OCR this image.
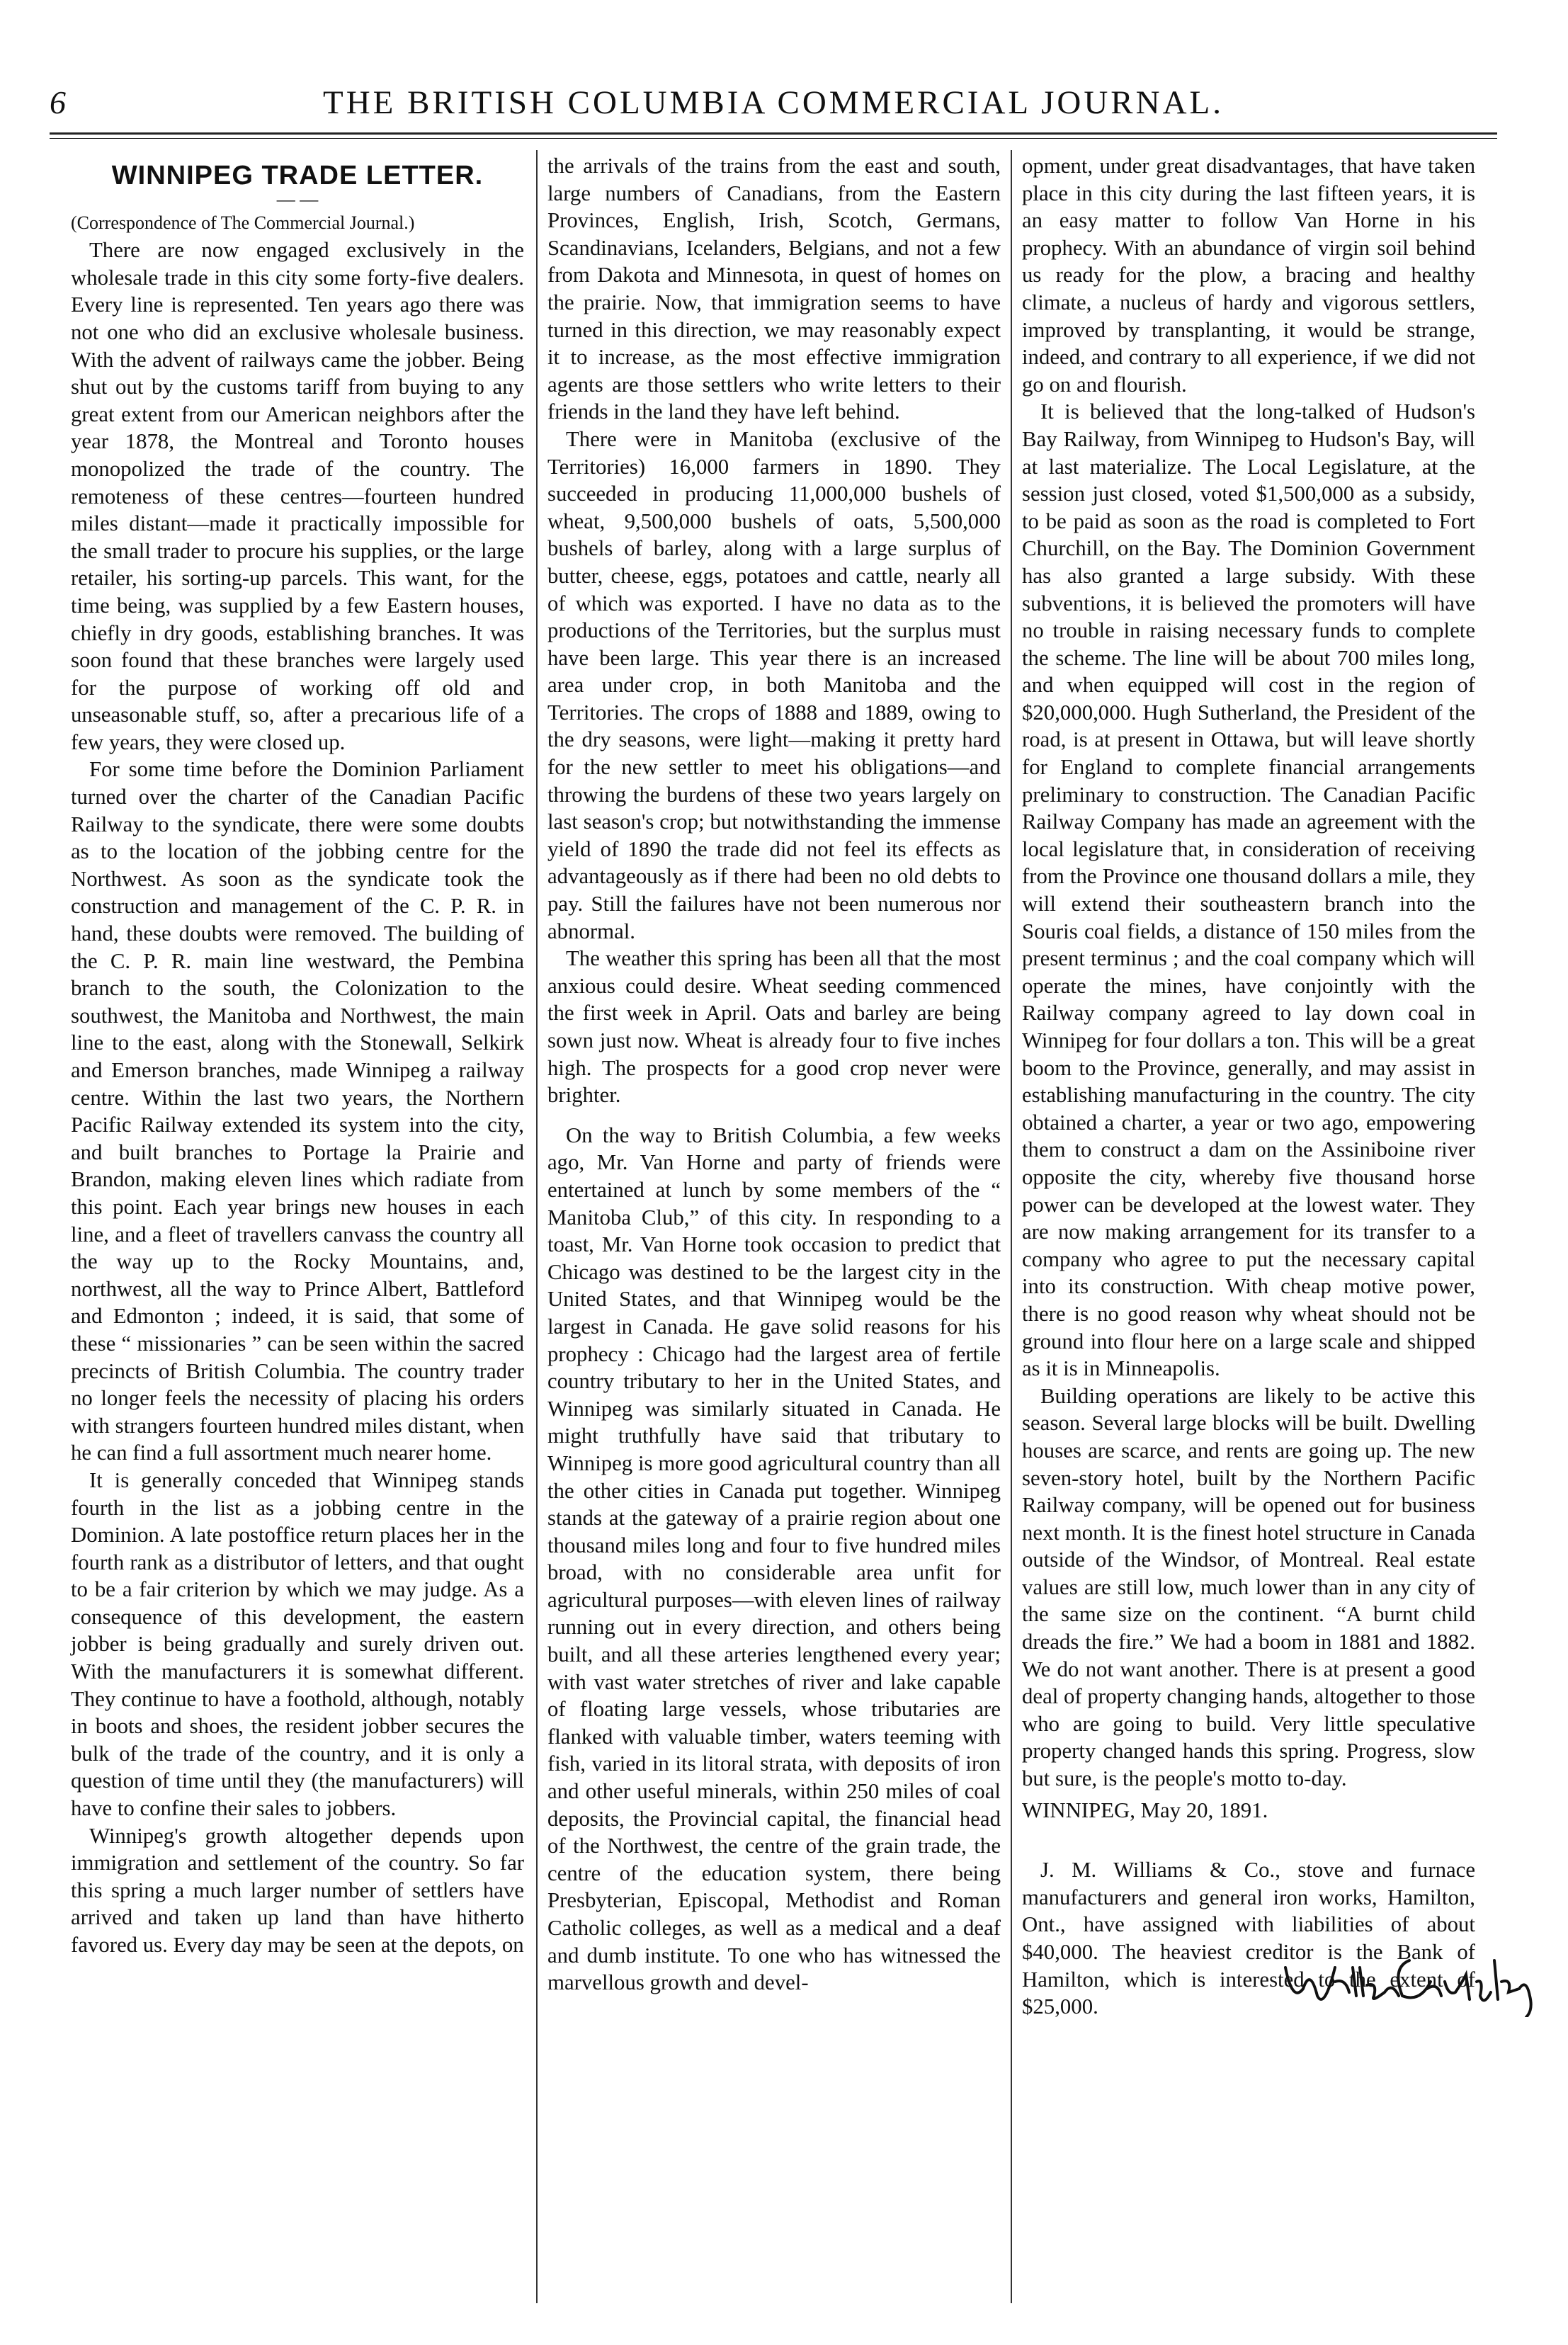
6	THE BRITISH COLUMBIA COMMERCIAL JOURNAL.
WINNIPEG TRADE LETTER.
— —

(Correspondence of The Commercial Journal.)

There are now engaged exclusively in the wholesale trade in this city some forty-five dealers. Every line is represented. Ten years ago there was not one who did an exclusive wholesale business. With the advent of railways came the jobber. Being shut out by the customs tariff from buying to any great extent from our American neighbors after the year 1878, the Montreal and Toronto houses monopolized the trade of the country. The remoteness of these centres—fourteen hundred miles distant—made it practically impossible for the small trader to procure his supplies, or the large retailer, his sorting-up parcels. This want, for the time being, was supplied by a few Eastern houses, chiefly in dry goods, establishing branches. It was soon found that these branches were largely used for the purpose of working off old and unseasonable stuff, so, after a precarious life of a few years, they were closed up.

For some time before the Dominion Parliament turned over the charter of the Canadian Pacific Railway to the syndicate, there were some doubts as to the location of the jobbing centre for the Northwest. As soon as the syndicate took the construction and management of the C. P. R. in hand, these doubts were removed. The building of the C. P. R. main line westward, the Pembina branch to the south, the Colonization to the southwest, the Manitoba and Northwest, the main line to the east, along with the Stonewall, Selkirk and Emerson branches, made Winnipeg a railway centre. Within the last two years, the Northern Pacific Railway extended its system into the city, and built branches to Portage la Prairie and Brandon, making eleven lines which radiate from this point. Each year brings new houses in each line, and a fleet of travellers canvass the country all the way up to the Rocky Mountains, and, northwest, all the way to Prince Albert, Battleford and Edmonton ; indeed, it is said, that some of these “ missionaries ” can be seen within the sacred precincts of British Columbia. The country trader no longer feels the necessity of placing his orders with strangers fourteen hundred miles distant, when he can find a full assortment much nearer home.

It is generally conceded that Winnipeg stands fourth in the list as a jobbing centre in the Dominion. A late postoffice return places her in the fourth rank as a distributor of letters, and that ought to be a fair criterion by which we may judge. As a consequence of this development, the eastern jobber is being gradually and surely driven out. With the manufacturers it is somewhat different. They continue to have a foothold, although, notably in boots and shoes, the resident jobber secures the bulk of the trade of the country, and it is only a question of time until they (the manufacturers) will have to confine their sales to jobbers.

Winnipeg's growth altogether depends upon immigration and settlement of the country. So far this spring a much larger number of settlers have arrived and taken up land than have hitherto favored us. Every day may be seen at the depots, on

the arrivals of the trains from the east and south, large numbers of Canadians, from the Eastern Provinces, English, Irish, Scotch, Germans, Scandinavians, Icelanders, Belgians, and not a few from Dakota and Minnesota, in quest of homes on the prairie. Now, that immigration seems to have turned in this direction, we may reasonably expect it to increase, as the most effective immigration agents are those settlers who write letters to their friends in the land they have left behind.

There were in Manitoba (exclusive of the Territories) 16,000 farmers in 1890. They succeeded in producing 11,000,000 bushels of wheat, 9,500,000 bushels of oats, 5,500,000 bushels of barley, along with a large surplus of butter, cheese, eggs, potatoes and cattle, nearly all of which was exported. I have no data as to the productions of the Territories, but the surplus must have been large. This year there is an increased area under crop, in both Manitoba and the Territories. The crops of 1888 and 1889, owing to the dry seasons, were light—making it pretty hard for the new settler to meet his obligations—and throwing the burdens of these two years largely on last season's crop; but notwithstanding the immense yield of 1890 the trade did not feel its effects as advantageously as if there had been no old debts to pay. Still the failures have not been numerous nor abnormal.

The weather this spring has been all that the most anxious could desire. Wheat seeding commenced the first week in April. Oats and barley are being sown just now. Wheat is already four to five inches high. The prospects for a good crop never were brighter.

On the way to British Columbia, a few weeks ago, Mr. Van Horne and party of friends were entertained at lunch by some members of the “ Manitoba Club,” of this city. In responding to a toast, Mr. Van Horne took occasion to predict that Chicago was destined to be the largest city in the United States, and that Winnipeg would be the largest in Canada. He gave solid reasons for his prophecy : Chicago had the largest area of fertile country tributary to her in the United States, and Winnipeg was similarly situated in Canada. He might truthfully have said that tributary to Winnipeg is more good agricultural country than all the other cities in Canada put together. Winnipeg stands at the gateway of a prairie region about one thousand miles long and four to five hundred miles broad, with no considerable area unfit for agricultural purposes—with eleven lines of railway running out in every direction, and others being built, and all these arteries lengthened every year; with vast water stretches of river and lake capable of floating large vessels, whose tributaries are flanked with valuable timber, waters teeming with fish, varied in its litoral strata, with deposits of iron and other useful minerals, within 250 miles of coal deposits, the Provincial capital, the financial head of the Northwest, the centre of the grain trade, the centre of the education system, there being Presbyterian, Episcopal, Methodist and Roman Catholic colleges, as well as a medical and a deaf and dumb institute. To one who has witnessed the marvellous growth and devel-

opment, under great disadvantages, that have taken place in this city during the last fifteen years, it is an easy matter to follow Van Horne in his prophecy. With an abundance of virgin soil behind us ready for the plow, a bracing and healthy climate, a nucleus of hardy and vigorous settlers, improved by transplanting, it would be strange, indeed, and contrary to all experience, if we did not go on and flourish.

It is believed that the long-talked of Hudson's Bay Railway, from Winnipeg to Hudson's Bay, will at last materialize. The Local Legislature, at the session just closed, voted $1,500,000 as a subsidy, to be paid as soon as the road is completed to Fort Churchill, on the Bay. The Dominion Government has also granted a large subsidy. With these subventions, it is believed the promoters will have no trouble in raising necessary funds to complete the scheme. The line will be about 700 miles long, and when equipped will cost in the region of $20,000,000. Hugh Sutherland, the President of the road, is at present in Ottawa, but will leave shortly for England to complete financial arrangements preliminary to construction. The Canadian Pacific Railway Company has made an agreement with the local legislature that, in consideration of receiving from the Province one thousand dollars a mile, they will extend their southeastern branch into the Souris coal fields, a distance of 150 miles from the present terminus ; and the coal company which will operate the mines, have conjointly with the Railway company agreed to lay down coal in Winnipeg for four dollars a ton. This will be a great boom to the Province, generally, and may assist in establishing manufacturing in the country. The city obtained a charter, a year or two ago, empowering them to construct a dam on the Assiniboine river opposite the city, whereby five thousand horse power can be developed at the lowest water. They are now making arrangement for its transfer to a company who agree to put the necessary capital into its construction. With cheap motive power, there is no good reason why wheat should not be ground into flour here on a large scale and shipped as it is in Minneapolis.

Building operations are likely to be active this season. Several large blocks will be built. Dwelling houses are scarce, and rents are going up. The new seven-story hotel, built by the Northern Pacific Railway company, will be opened out for business next month. It is the finest hotel structure in Canada outside of the Windsor, of Montreal. Real estate values are still low, much lower than in any city of the same size on the continent. “A burnt child dreads the fire.” We had a boom in 1881 and 1882. We do not want another. There is at present a good deal of property changing hands, altogether to those who are going to build. Very little speculative property changed hands this spring. Progress, slow but sure, is the people's motto to-day.

WINNIPEG, May 20, 1891.

J. M. Williams & Co., stove and furnace manufacturers and general iron works, Hamilton, Ont., have assigned with liabilities of about $40,000. The heaviest creditor is the Bank of Hamilton, which is interested to the extent of $25,000.
